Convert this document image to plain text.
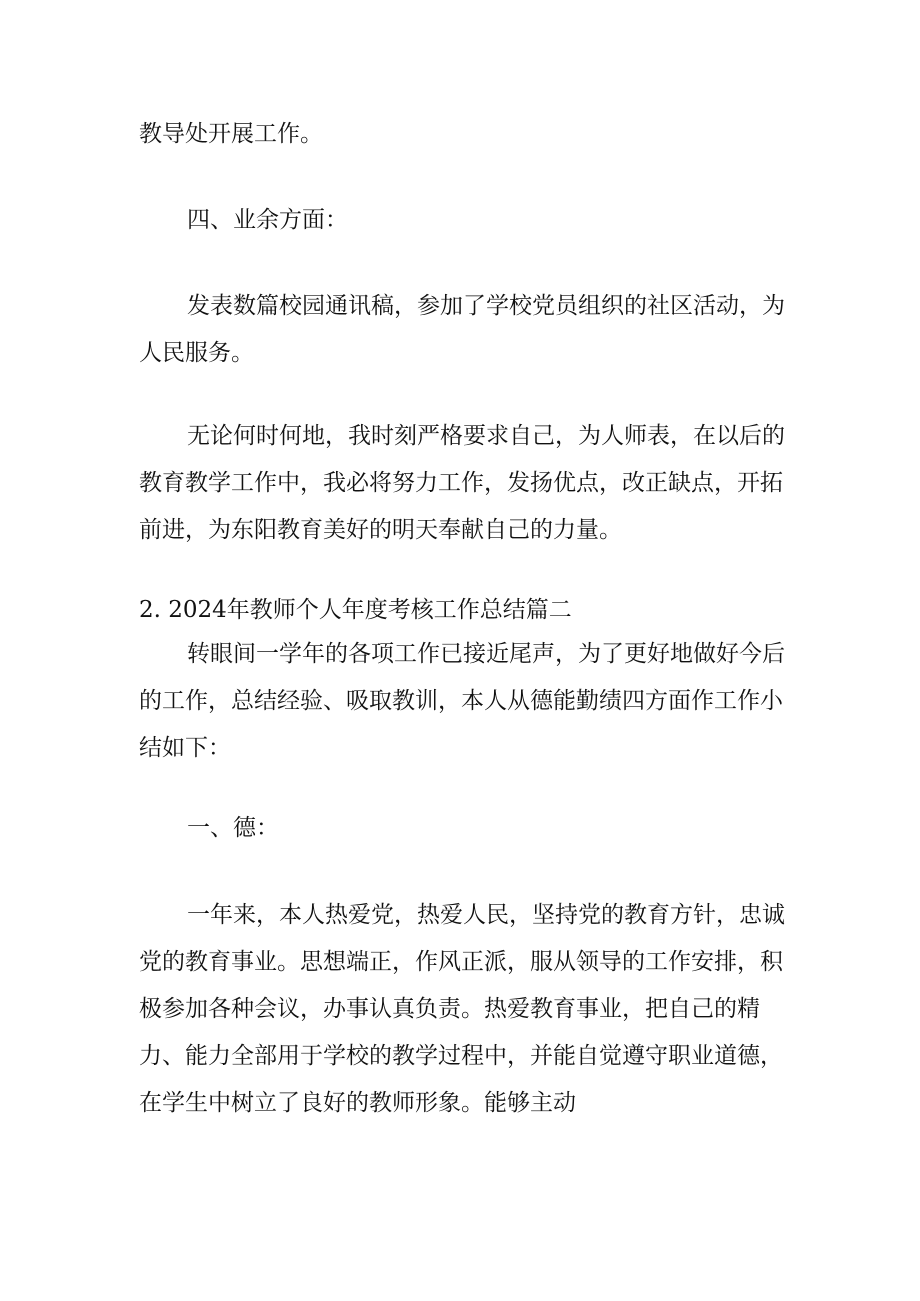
教导处开展工作。

四、业余方面：

发表数篇校园通讯稿，参加了学校党员组织的社区活动，为人民服务。

无论何时何地，我时刻严格要求自己，为人师表，在以后的教育教学工作中，我必将努力工作，发扬优点，改正缺点，开拓前进，为东阳教育美好的明天奉献自己的力量。

2. 2024年教师个人年度考核工作总结篇二

转眼间一学年的各项工作已接近尾声，为了更好地做好今后的工作，总结经验、吸取教训，本人从德能勤绩四方面作工作小结如下：

一、德：

一年来，本人热爱党，热爱人民，坚持党的教育方针，忠诚党的教育事业。思想端正，作风正派，服从领导的工作安排，积极参加各种会议，办事认真负责。热爱教育事业，把自己的精力、能力全部用于学校的教学过程中，并能自觉遵守职业道德，在学生中树立了良好的教师形象。能够主动
